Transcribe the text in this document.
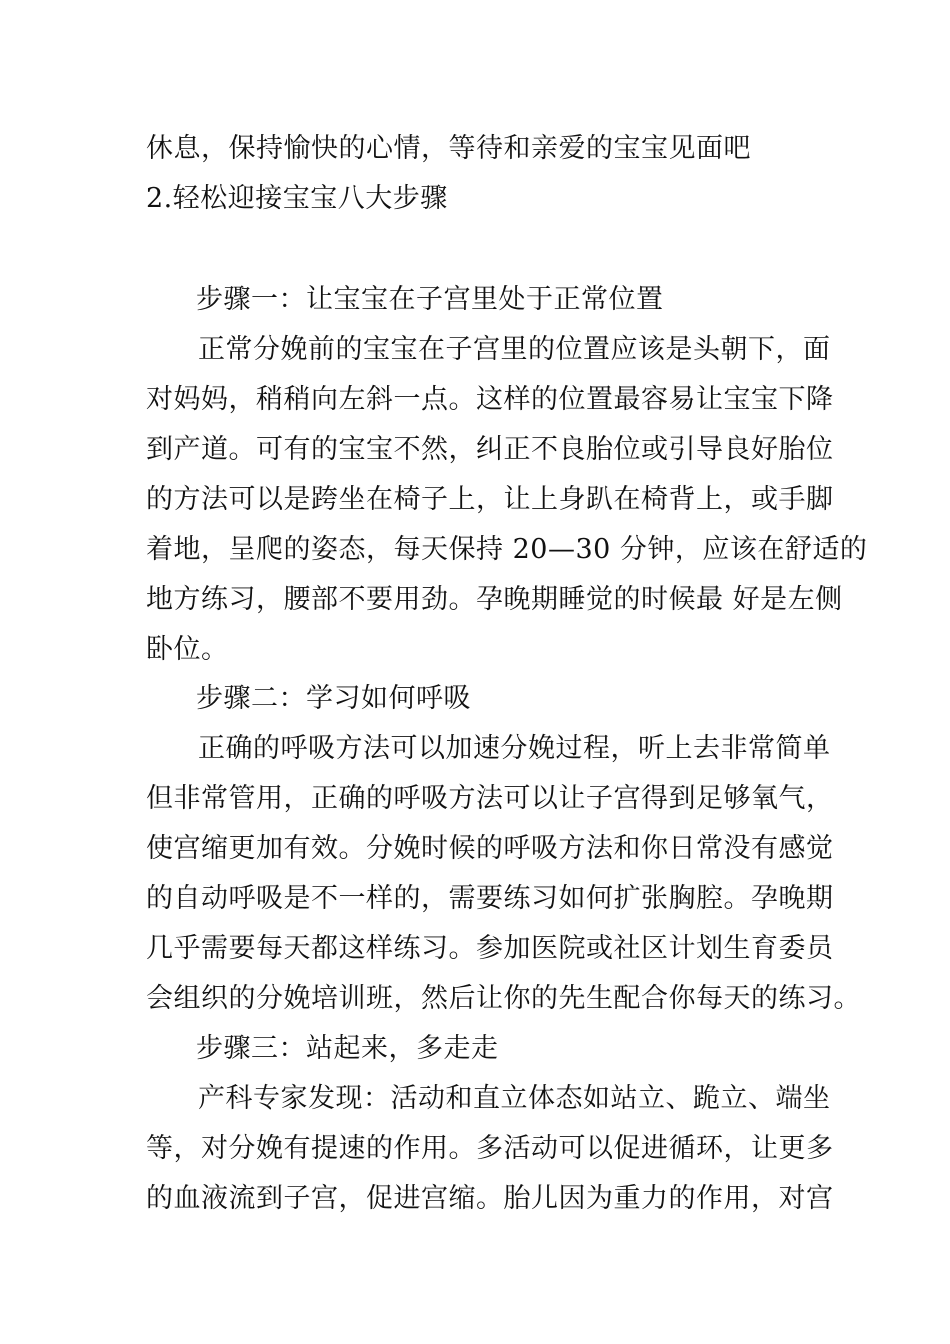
休息，保持愉快的心情，等待和亲爱的宝宝见面吧
2.轻松迎接宝宝八大步骤
步骤一：让宝宝在子宫里处于正常位置
正常分娩前的宝宝在子宫里的位置应该是头朝下，面
对妈妈，稍稍向左斜一点。这样的位置最容易让宝宝下降
到产道。可有的宝宝不然，纠正不良胎位或引导良好胎位
的方法可以是跨坐在椅子上，让上身趴在椅背上，或手脚
着地，呈爬的姿态，每天保持 20—30 分钟，应该在舒适的
地方练习，腰部不要用劲。孕晚期睡觉的时候最 好是左侧
卧位。
步骤二：学习如何呼吸
正确的呼吸方法可以加速分娩过程，听上去非常简单
但非常管用，正确的呼吸方法可以让子宫得到足够氧气，
使宫缩更加有效。分娩时候的呼吸方法和你日常没有感觉
的自动呼吸是不一样的，需要练习如何扩张胸腔。孕晚期
几乎需要每天都这样练习。参加医院或社区计划生育委员
会组织的分娩培训班，然后让你的先生配合你每天的练习。
步骤三：站起来，多走走
产科专家发现：活动和直立体态如站立、跪立、端坐
等，对分娩有提速的作用。多活动可以促进循环，让更多
的血液流到子宫，促进宫缩。胎儿因为重力的作用，对宫
